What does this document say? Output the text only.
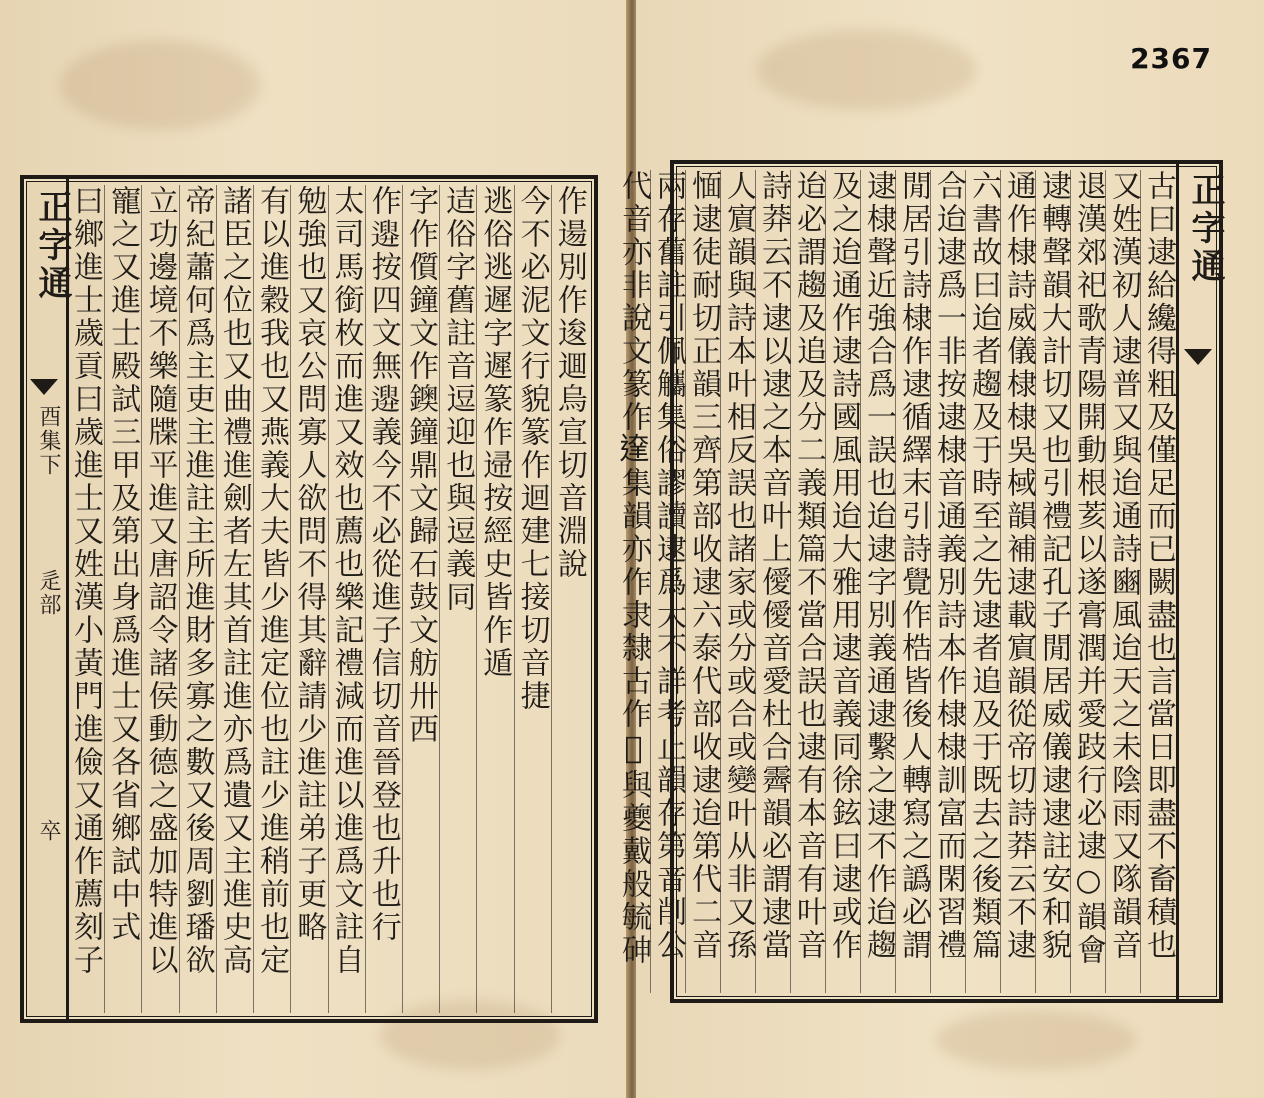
2367
正字通
酉集下
辵部
卒
作逿別作逡逥烏宣切音淵說
今不必泥文行貌篆作迴建七接切音捷
逃俗逃遲字遲篆作䢜按經史皆作遁
迼俗字舊註音逗迎也與逗義同
字作儨鐘文作鐭鐘鼎文歸石鼓文舫卅西
作𨗮按四文無𨗮義今不必從進子信切音晉登也升也行
太司馬銜枚而進又效也薦也樂記禮減而進以進爲文註自
勉強也又哀公問寡人欲問不得其辭請少進註弟子更略
有以進穀我也又燕義大夫皆少進定位也註少進稍前也定
諸臣之位也又曲禮進劍者左其首註進亦爲遺又主進史高
帝紀蕭何爲主吏主進註主所進財多寡之數又後周劉璠欲
立功邊境不樂隨牒平進又唐詔令諸侯動德之盛加特進以
寵之又進士殿試三甲及第出身爲進士又各省鄉試中式
曰鄉進士歲貢曰歲進士又姓漢小黃門進儉又通作薦刻子	古曰逮給纔得粗及僅足而已闕盡也言當日即盡不畜積也
又姓漢初人逮普又與迨通詩豳風迨天之未陰雨又隊韻音
退漢郊祀歌青陽開動根荄以遂膏潤并愛跂行必逮○韻會
逮轉聲韻大計切又也引禮記孔子閒居威儀逮逮註安和貌
通作棣詩威儀棣棣吳棫韻補逮載賔韻從帝切詩莽云不逮
六書故曰迨者趨及于時至之先逮者追及于既去之後類篇
合迨逮爲一非按逮棣音通義別詩本作棣棣訓富而閑習禮
閒居引詩棣作逮循繹末引詩覺作梏皆後人轉寫之譌必謂
逮棣聲近強合爲一誤也迨逮字別義通逮繫之逮不作迨趨
及之迨通作逮詩國風用迨大雅用逮音義同徐鉉曰逮或作
迨必謂趨及追及分二義類篇不當合誤也逮有本音有叶音
詩莽云不逮以逮之本音叶上僾僾音愛杜合霽韻必謂逮當
人賔韻與詩本叶相反誤也諸家或分或合或變叶从非又孫
愐逮徒耐切正韻三齊第部收逮六泰代部收逮迨第代二音
兩存舊註引佩觿集俗謬讀逮爲大不詳考止韻存第音削公
代音亦非說文篆作𨔶集韻亦作隶隸古作𨑯與夔戴般毓砷	正字通
